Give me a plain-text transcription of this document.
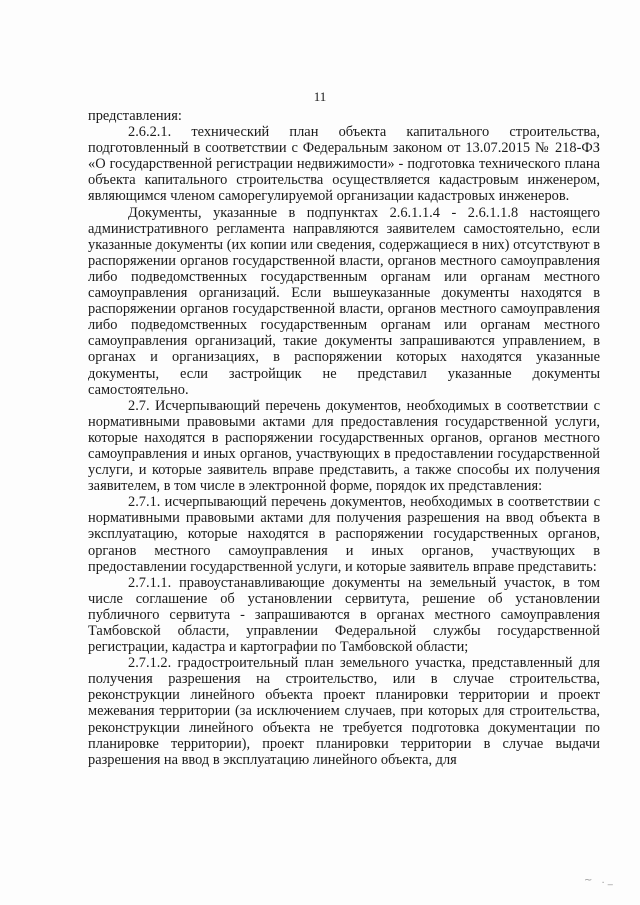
11

представления:

2.6.2.1. технический план объекта капитального строительства, подготовленный в соответствии с Федеральным законом от 13.07.2015 № 218-ФЗ «О государственной регистрации недвижимости» - подготовка технического плана объекта капитального строительства осуществляется кадастровым инженером, являющимся членом саморегулируемой организации кадастровых инженеров.

Документы, указанные в подпунктах 2.6.1.1.4 - 2.6.1.1.8 настоящего административного регламента направляются заявителем самостоятельно, если указанные документы (их копии или сведения, содержащиеся в них) отсутствуют в распоряжении органов государственной власти, органов местного самоуправления либо подведомственных государственным органам или органам местного самоуправления организаций. Если вышеуказанные документы находятся в распоряжении органов государственной власти, органов местного самоуправления либо подведомственных государственным органам или органам местного самоуправления организаций, такие документы запрашиваются управлением, в органах и организациях, в распоряжении которых находятся указанные документы, если застройщик не представил указанные документы самостоятельно.

2.7. Исчерпывающий перечень документов, необходимых в соответствии с нормативными правовыми актами для предоставления государственной услуги, которые находятся в распоряжении государственных органов, органов местного самоуправления и иных органов, участвующих в предоставлении государственной услуги, и которые заявитель вправе представить, а также способы их получения заявителем, в том числе в электронной форме, порядок их представления:

2.7.1. исчерпывающий перечень документов, необходимых в соответствии с нормативными правовыми актами для получения разрешения на ввод объекта в эксплуатацию, которые находятся в распоряжении государственных органов, органов местного самоуправления и иных органов, участвующих в предоставлении государственной услуги, и которые заявитель вправе представить:

2.7.1.1. правоустанавливающие документы на земельный участок, в том числе соглашение об установлении сервитута, решение об установлении публичного сервитута - запрашиваются в органах местного самоуправления Тамбовской области, управлении Федеральной службы государственной регистрации, кадастра и картографии по Тамбовской области;

2.7.1.2. градостроительный план земельного участка, представленный для получения разрешения на строительство, или в случае строительства, реконструкции линейного объекта проект планировки территории и проект межевания территории (за исключением случаев, при которых для строительства, реконструкции линейного объекта не требуется подготовка документации по планировке территории), проект планировки территории в случае выдачи разрешения на ввод в эксплуатацию линейного объекта, для

~ ._
